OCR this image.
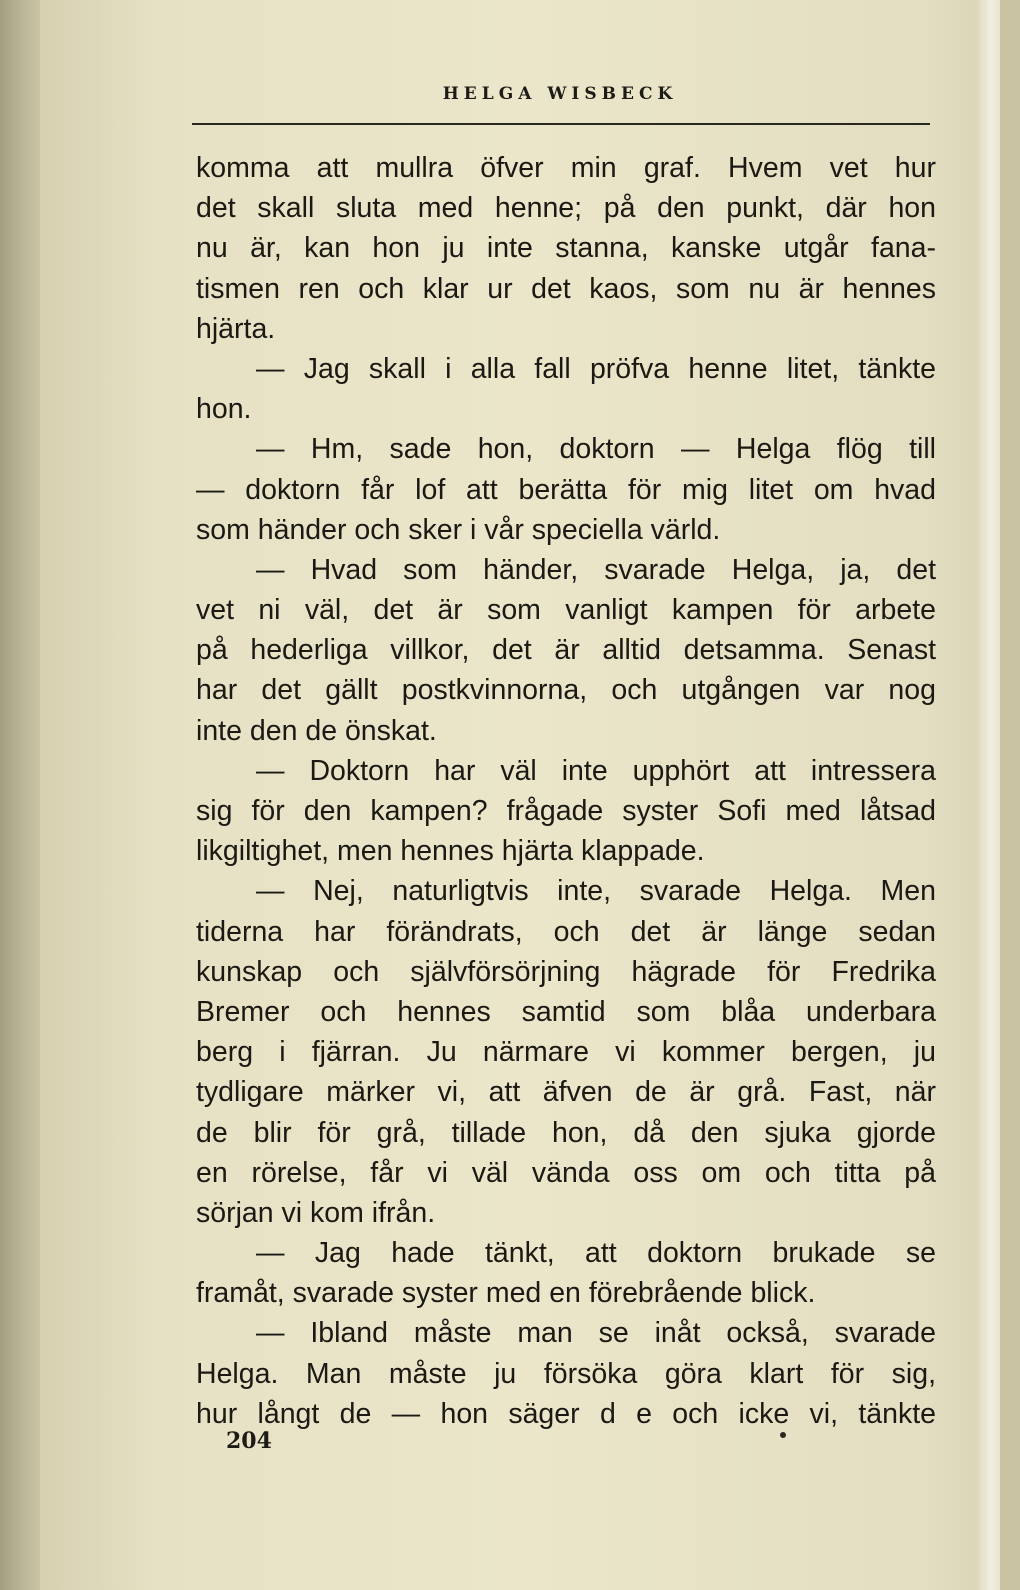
HELGA WISBECK
komma att mullra öfver min graf. Hvem vet hur
det skall sluta med henne; på den punkt, där hon
nu är, kan hon ju inte stanna, kanske utgår fana-
tismen ren och klar ur det kaos, som nu är hennes
hjärta.
— Jag skall i alla fall pröfva henne litet, tänkte
hon.
— Hm, sade hon, doktorn — Helga flög till
— doktorn får lof att berätta för mig litet om hvad
som händer och sker i vår speciella värld.
— Hvad som händer, svarade Helga, ja, det
vet ni väl, det är som vanligt kampen för arbete
på hederliga villkor, det är alltid detsamma. Senast
har det gällt postkvinnorna, och utgången var nog
inte den de önskat.
— Doktorn har väl inte upphört att intressera
sig för den kampen? frågade syster Sofi med låtsad
likgiltighet, men hennes hjärta klappade.
— Nej, naturligtvis inte, svarade Helga. Men
tiderna har förändrats, och det är länge sedan
kunskap och självförsörjning hägrade för Fredrika
Bremer och hennes samtid som blåa underbara
berg i fjärran. Ju närmare vi kommer bergen, ju
tydligare märker vi, att äfven de är grå. Fast, när
de blir för grå, tillade hon, då den sjuka gjorde
en rörelse, får vi väl vända oss om och titta på
sörjan vi kom ifrån.
— Jag hade tänkt, att doktorn brukade se
framåt, svarade syster med en förebrående blick.
— Ibland måste man se inåt också, svarade
Helga. Man måste ju försöka göra klart för sig,
hur långt de — hon säger d e och icke vi, tänkte
204
